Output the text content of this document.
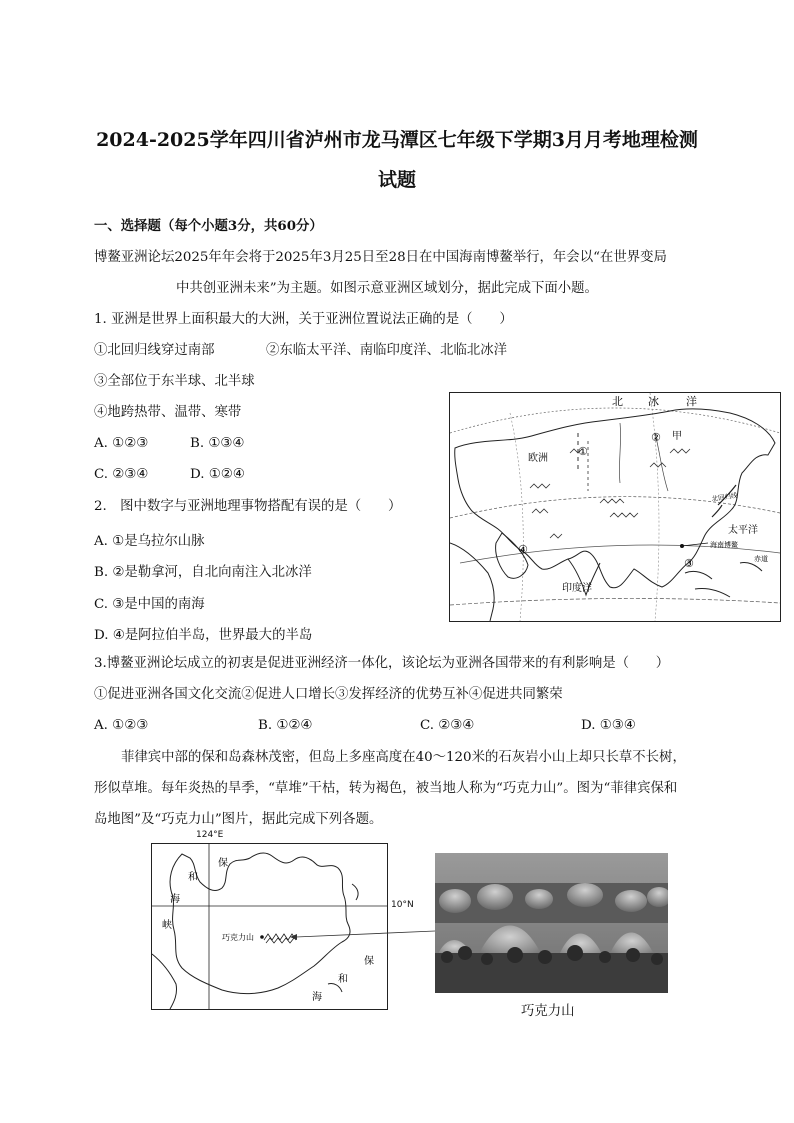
2024-2025学年四川省泸州市龙马潭区七年级下学期3月月考地理检测
试题
一、选择题（每个小题3分，共60分）
博鳌亚洲论坛2025年年会将于2025年3月25日至28日在中国海南博鳌举行，年会以“在世界变局
中共创亚洲未来”为主题。如图示意亚洲区域划分，据此完成下面小题。
1. 亚洲是世界上面积最大的大洲，关于亚洲位置说法正确的是（　　）
①北回归线穿过南部	②东临太平洋、南临印度洋、北临北冰洋
③全部位于东半球、北半球
④地跨热带、温带、寒带
A. ①②③	B. ①③④
C. ②③④	D. ①②④
2.　图中数字与亚洲地理事物搭配有误的是（　　）
A. ①是乌拉尔山脉
B. ②是勒拿河，自北向南注入北冰洋
C. ③是中国的南海
D. ④是阿拉伯半岛，世界最大的半岛
北 冰 洋
欧洲
甲
北回归线
太平洋
海南博鳌
印度洋
赤道
①
②
③
④
3.博鳌亚洲论坛成立的初衷是促进亚洲经济一体化，该论坛为亚洲各国带来的有利影响是（　　）
①促进亚洲各国文化交流②促进人口增长③发挥经济的优势互补④促进共同繁荣
A. ①②③	B. ①②④	C. ②③④	D. ①③④
菲律宾中部的保和岛森林茂密，但岛上多座高度在40～120米的石灰岩小山上却只长草不长树，
形似草堆。每年炎热的旱季，“草堆”干枯，转为褐色，被当地人称为“巧克力山”。图为“菲律宾保和
岛地图”及“巧克力山”图片，据此完成下列各题。
124°E
保
和
海
峡
保
和
海
巧克力山
10°N
巧克力山
